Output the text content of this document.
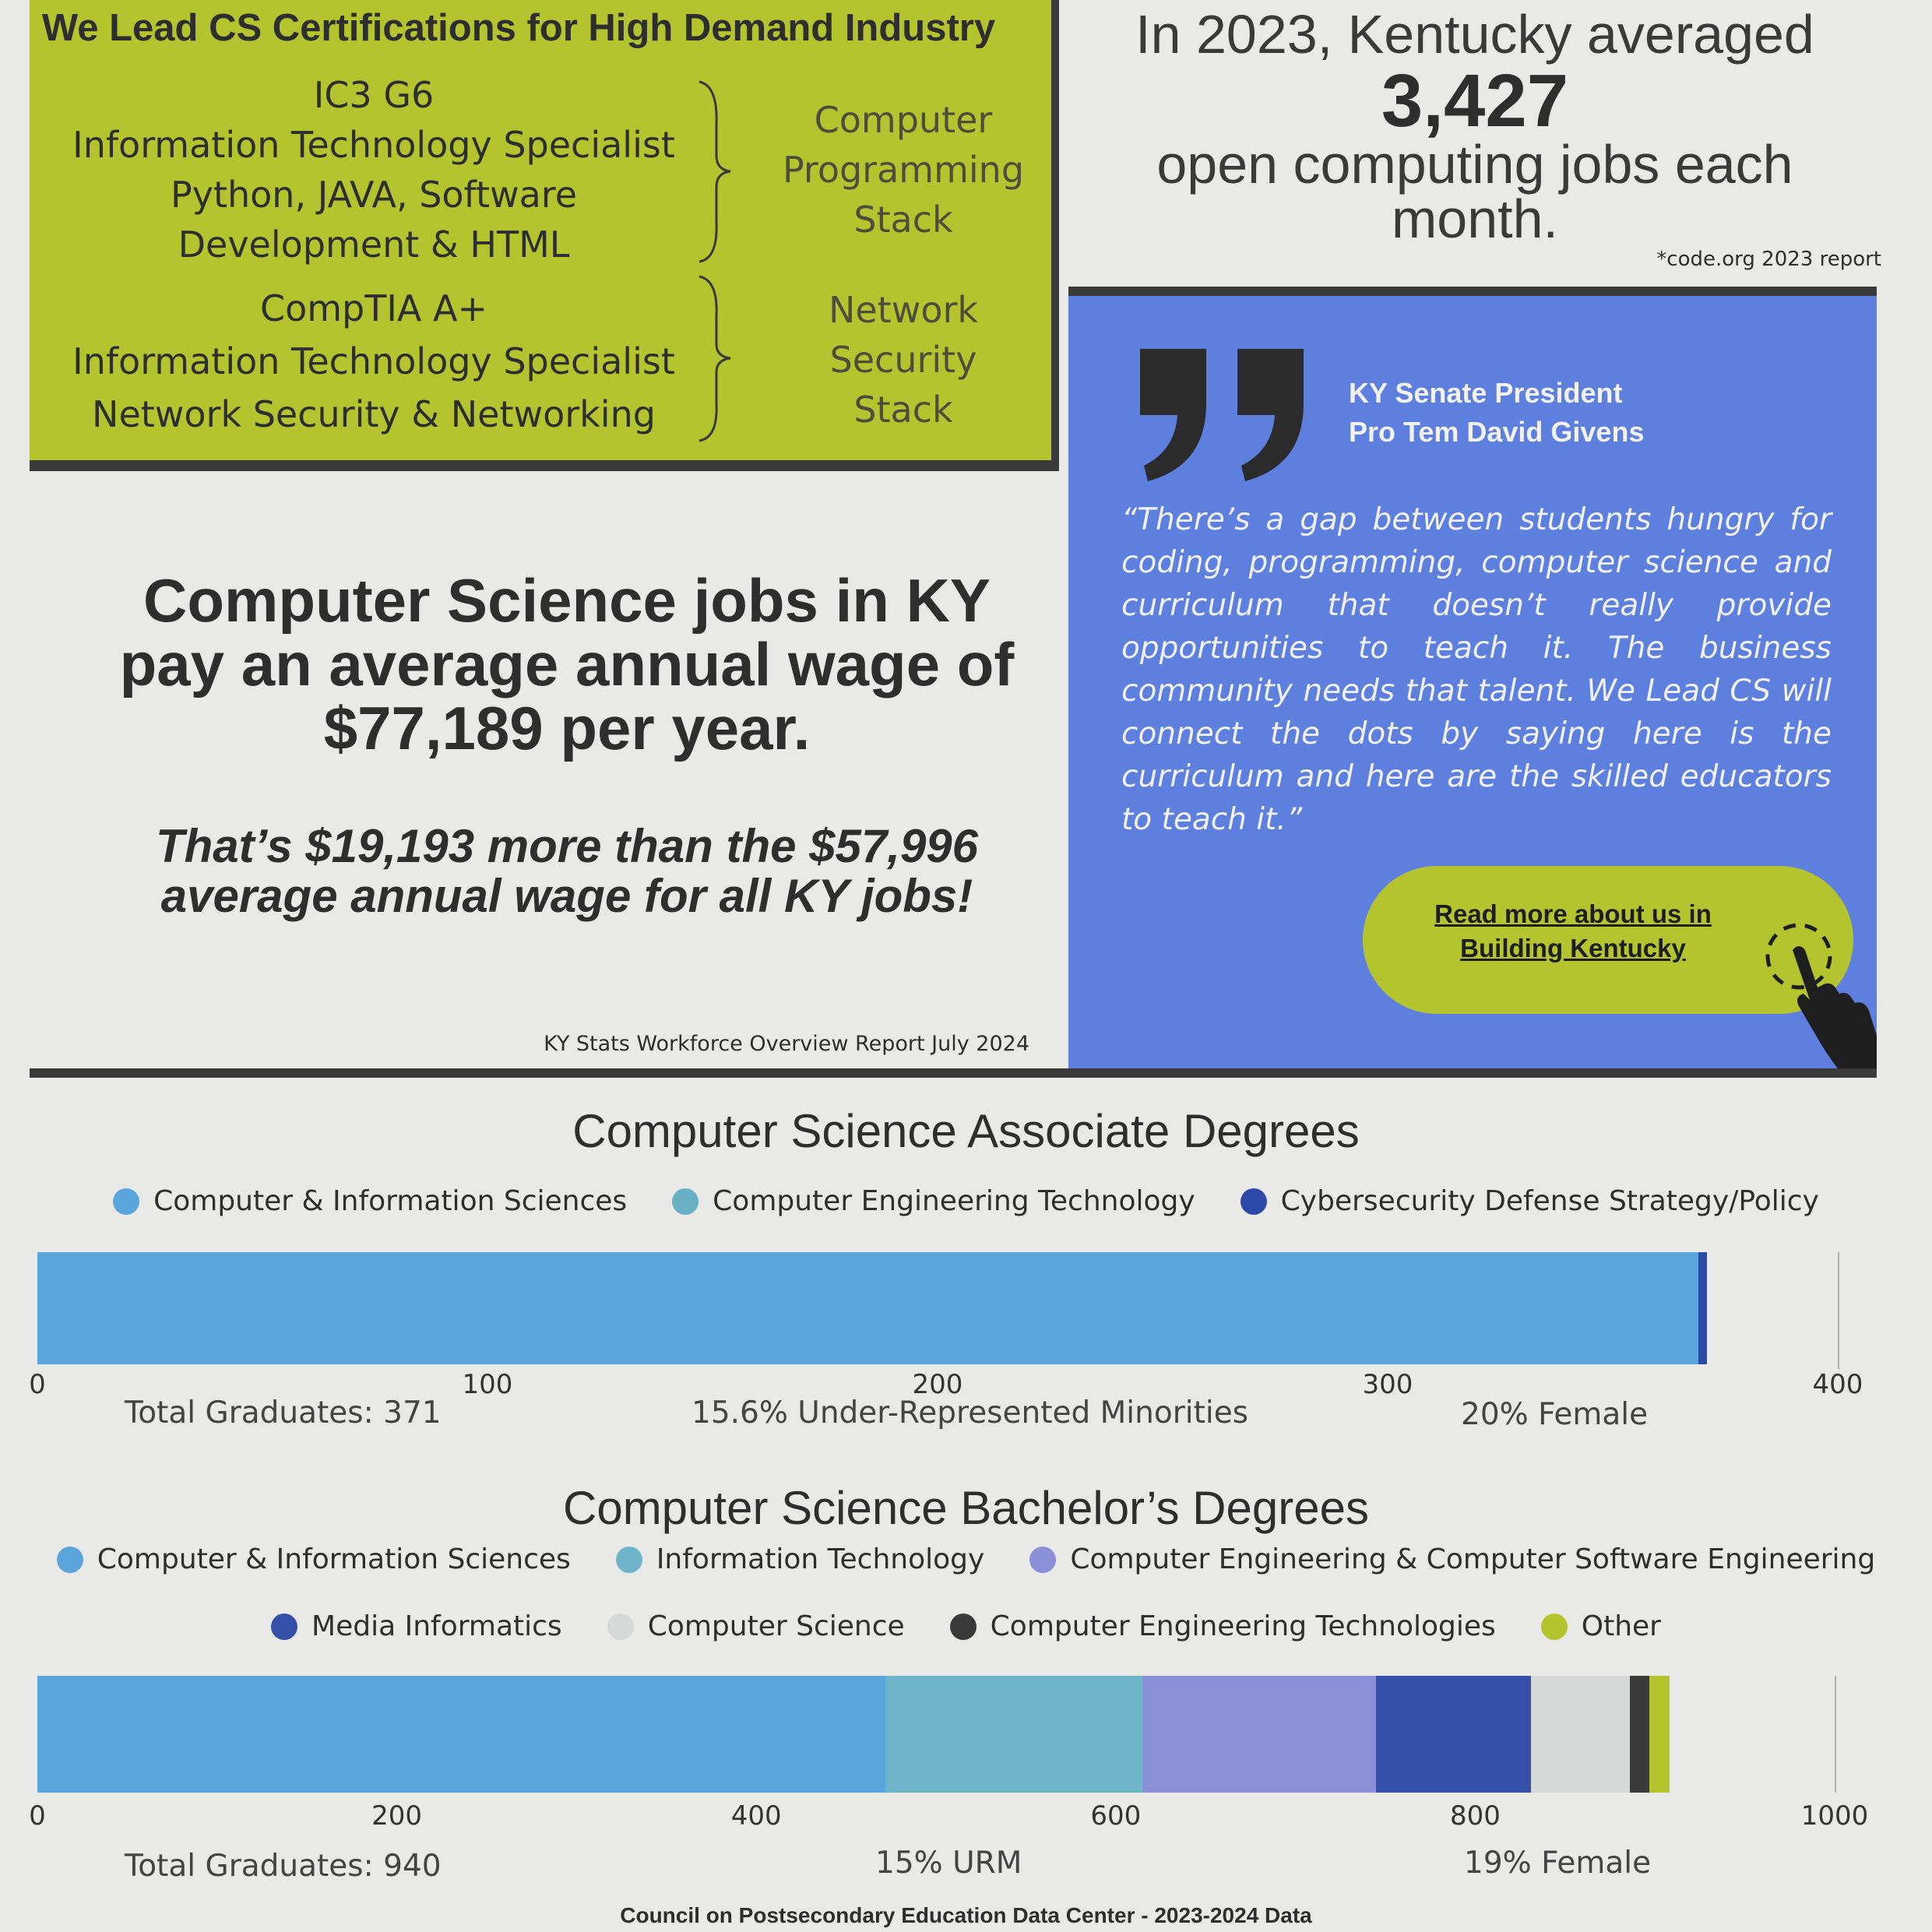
We Lead CS Certifications for High Demand Industry
IC3 G6
Information Technology Specialist
Python, JAVA, Software
Development & HTML
Computer
Programming
Stack
CompTIA A+
Information Technology Specialist
Network Security & Networking
Network
Security
Stack
In 2023, Kentucky averaged
3,427
open computing jobs each
month.
*code.org 2023 report
KY Senate President
Pro Tem David Givens
“There’s a gap between students hungry for coding, programming, computer science and curriculum that doesn’t really provide opportunities to teach it. The business community needs that talent. We Lead CS will connect the dots by saying here is the curriculum and here are the skilled educators to teach it.”
Read more about us in
Building Kentucky
Computer Science jobs in KY
pay an average annual wage of
$77,189 per year.
That’s $19,193 more than the $57,996
average annual wage for all KY jobs!
KY Stats Workforce Overview Report July 2024
Computer Science Associate Degrees
Computer & Information Sciences	Computer Engineering Technology	Cybersecurity Defense Strategy/Policy
0	100	200	300	400
Total Graduates: 371	15.6% Under-Represented Minorities	20% Female
Computer Science Bachelor’s Degrees
Computer & Information Sciences	Information Technology	Computer Engineering & Computer Software Engineering
Media Informatics	Computer Science	Computer Engineering Technologies	Other
0	200	400	600	800	1000
Total Graduates: 940	15% URM	19% Female
Council on Postsecondary Education Data Center - 2023-2024 Data
